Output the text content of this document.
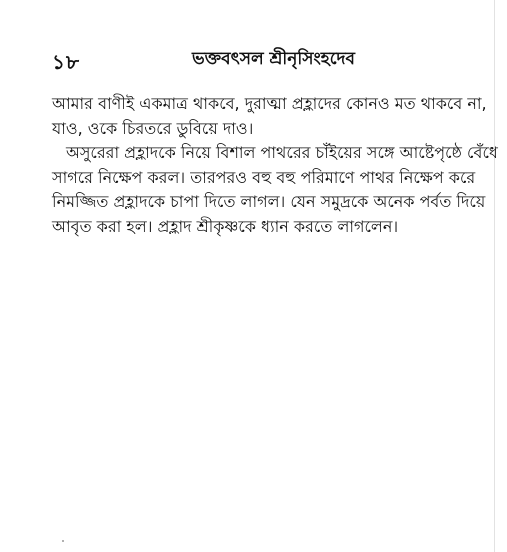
১৮	ভক্তবৎসল শ্রীনৃসিংহদেব

আমার বাণীই একমাত্র থাকবে, দুরাত্মা প্রহ্লাদের কোনও মত থাকবে না,
যাও, ওকে চিরতরে ডুবিয়ে দাও।

অসুরেরা প্রহ্লাদকে নিয়ে বিশাল পাথরের চাঁইয়ের সঙ্গে আষ্টেপৃষ্ঠে বেঁধে
সাগরে নিক্ষেপ করল। তারপরও বহু বহু পরিমাণে পাথর নিক্ষেপ করে
নিমজ্জিত প্রহ্লাদকে চাপা দিতে লাগল। যেন সমুদ্রকে অনেক পর্বত দিয়ে
আবৃত করা হল। প্রহ্লাদ শ্রীকৃষ্ণকে ধ্যান করতে লাগলেন।
